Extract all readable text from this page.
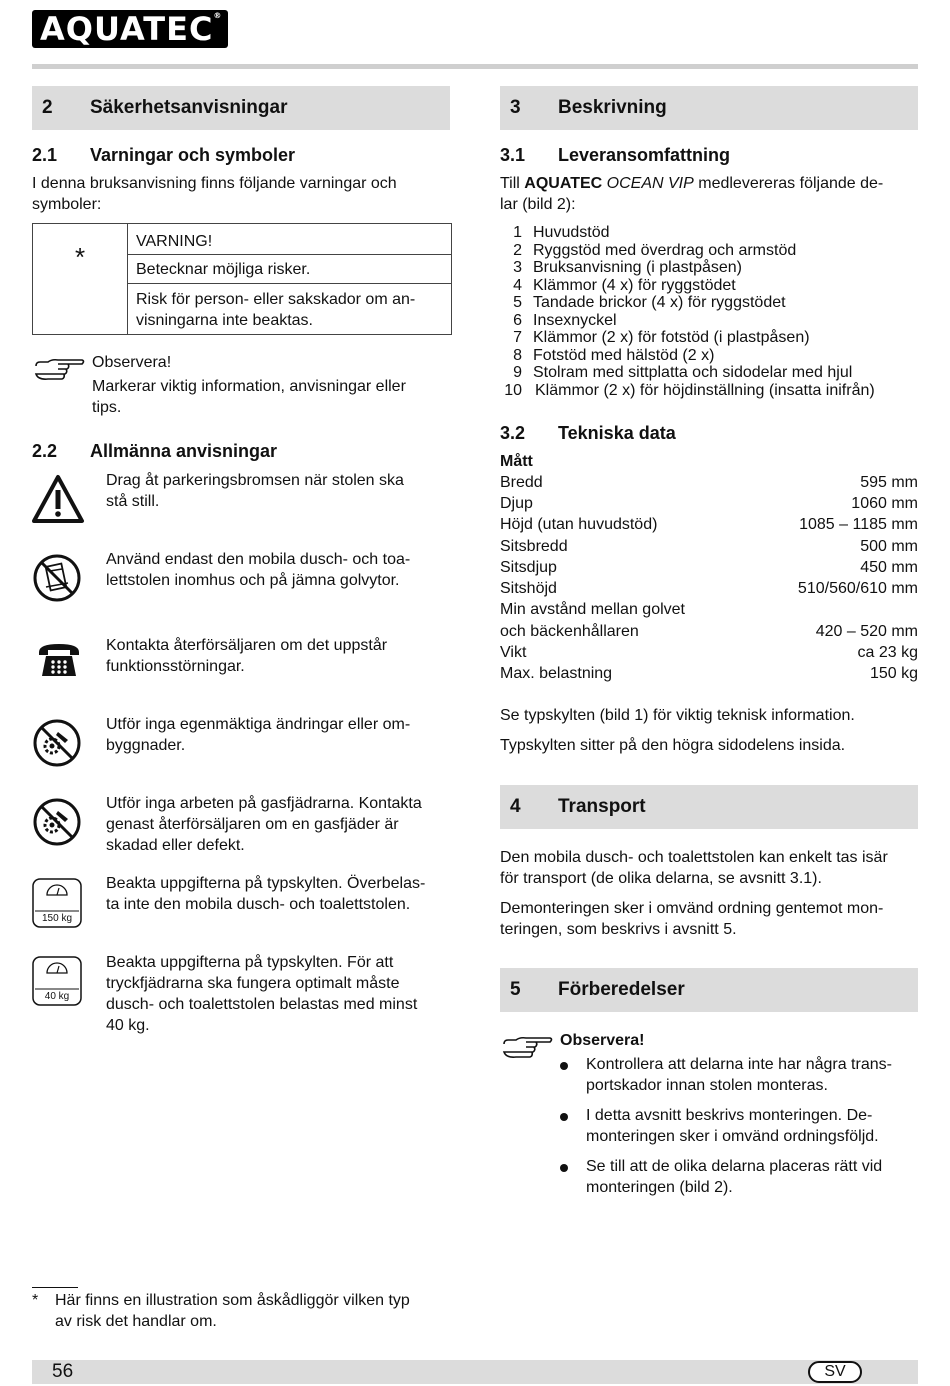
AQUATEC®
2 Säkerhetsanvisningar
2.1 Varningar och symboler

I denna bruksanvisning finns följande varningar och
symboler:

*
VARNING!
Betecknar möjliga risker.
Risk för person- eller sakskador om an-
visningarna inte beaktas.
Observera!

Markerar viktig information, anvisningar eller
tips.

2.2 Allmänna anvisningar

Drag åt parkeringsbromsen när stolen ska
stå still.

Använd endast den mobila dusch- och toa-
lettstolen inomhus och på jämna golvytor.

Kontakta återförsäljaren om det uppstår
funktionsstörningar.

Utför inga egenmäktiga ändringar eller om-
byggnader.

Utför inga arbeten på gasfjädrarna. Kontakta
genast återförsäljaren om en gasfjäder är
skadad eller defekt.

150 kg

Beakta uppgifterna på typskylten. Överbelas-
ta inte den mobila dusch- och toalettstolen.

40 kg

Beakta uppgifterna på typskylten. För att
tryckfjädrarna ska fungera optimalt måste
dusch- och toalettstolen belastas med minst
40 kg.

* Här finns en illustration som åskådliggör vilken typ
av risk det handlar om.

3 Beskrivning
3.1 Leveransomfattning

Till AQUATEC OCEAN VIP medlevereras följande de-
lar (bild 2):

1 Huvudstöd
2 Ryggstöd med överdrag och armstöd
3 Bruksanvisning (i plastpåsen)
4 Klämmor (4 x) för ryggstödet
5 Tandade brickor (4 x) för ryggstödet
6 Insexnyckel
7 Klämmor (2 x) för fotstöd (i plastpåsen)
8 Fotstöd med hälstöd (2 x)
9 Stolram med sittplatta och sidodelar med hjul
10 Klämmor (2 x) för höjdinställning (insatta inifrån)
3.2 Tekniska data
Mått
Bredd	595 mm
Djup	1060 mm
Höjd (utan huvudstöd)	1085 – 1185 mm
Sitsbredd	500 mm
Sitsdjup	450 mm
Sitshöjd	510/560/610 mm
Min avstånd mellan golvet
och bäckenhållaren	420 – 520 mm
Vikt	ca 23 kg
Max. belastning	150 kg

Se typskylten (bild 1) för viktig teknisk information.

Typskylten sitter på den högra sidodelens insida.

4 Transport

Den mobila dusch- och toalettstolen kan enkelt tas isär
för transport (de olika delarna, se avsnitt 3.1).

Demonteringen sker i omvänd ordning gentemot mon-
teringen, som beskrivs i avsnitt 5.

5 Förberedelser
Observera!
Kontrollera att delarna inte har några trans-
portskador innan stolen monteras.
I detta avsnitt beskrivs monteringen. De-
monteringen sker i omvänd ordningsföljd.
Se till att de olika delarna placeras rätt vid
monteringen (bild 2).
56	SV
